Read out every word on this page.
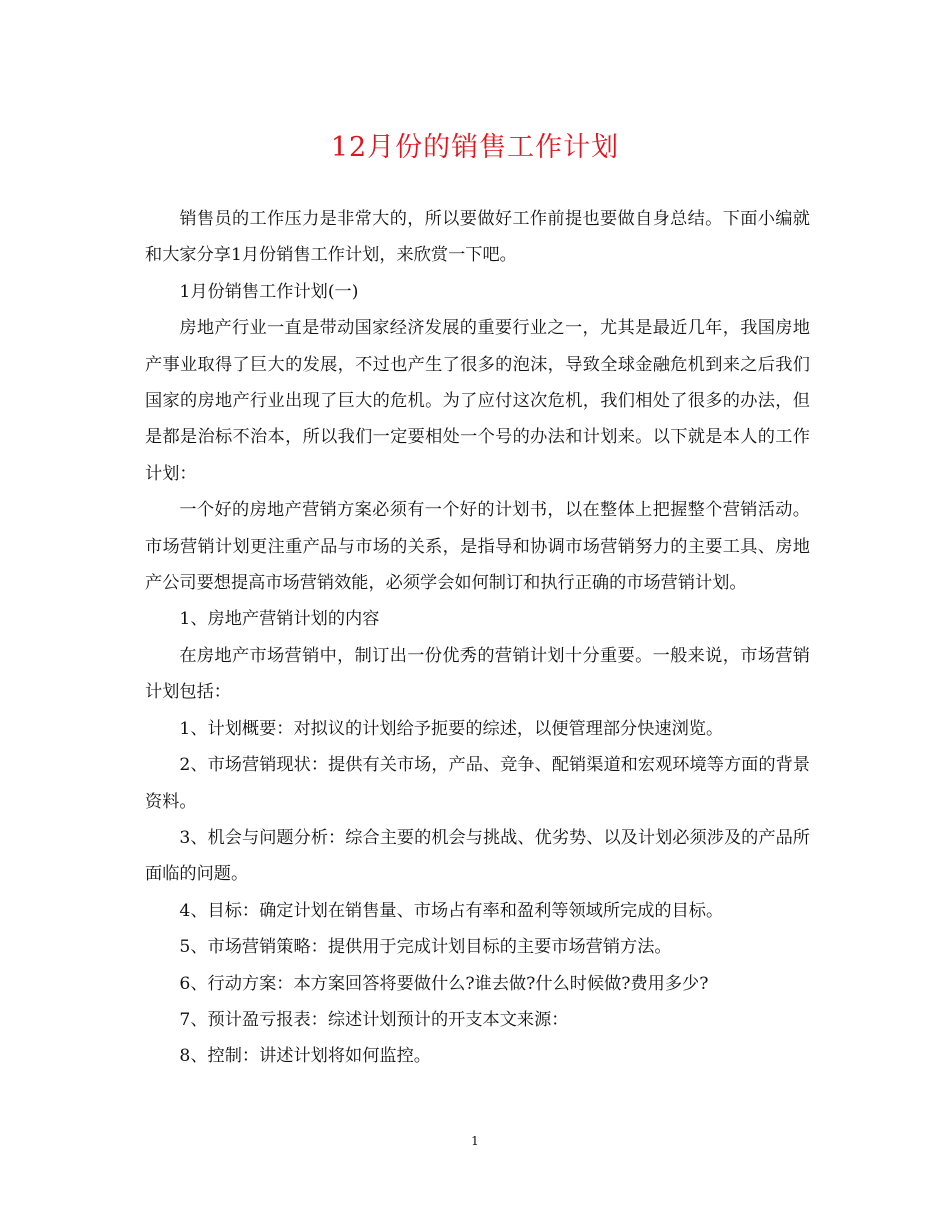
12月份的销售工作计划

销售员的工作压力是非常大的，所以要做好工作前提也要做自身总结。下面小编就和大家分享1月份销售工作计划，来欣赏一下吧。

1月份销售工作计划(一)

房地产行业一直是带动国家经济发展的重要行业之一，尤其是最近几年，我国房地产事业取得了巨大的发展，不过也产生了很多的泡沫，导致全球金融危机到来之后我们国家的房地产行业出现了巨大的危机。为了应付这次危机，我们相处了很多的办法，但是都是治标不治本，所以我们一定要相处一个号的办法和计划来。以下就是本人的工作计划：

一个好的房地产营销方案必须有一个好的计划书，以在整体上把握整个营销活动。市场营销计划更注重产品与市场的关系，是指导和协调市场营销努力的主要工具、房地产公司要想提高市场营销效能，必须学会如何制订和执行正确的市场营销计划。

1、房地产营销计划的内容

在房地产市场营销中，制订出一份优秀的营销计划十分重要。一般来说，市场营销计划包括：

1、计划概要：对拟议的计划给予扼要的综述，以便管理部分快速浏览。

2、市场营销现状：提供有关市场，产品、竞争、配销渠道和宏观环境等方面的背景资料。

3、机会与问题分析：综合主要的机会与挑战、优劣势、以及计划必须涉及的产品所面临的问题。

4、目标：确定计划在销售量、市场占有率和盈利等领域所完成的目标。

5、市场营销策略：提供用于完成计划目标的主要市场营销方法。

6、行动方案：本方案回答将要做什么?谁去做?什么时候做?费用多少?

7、预计盈亏报表：综述计划预计的开支本文来源：

8、控制：讲述计划将如何监控。

1
